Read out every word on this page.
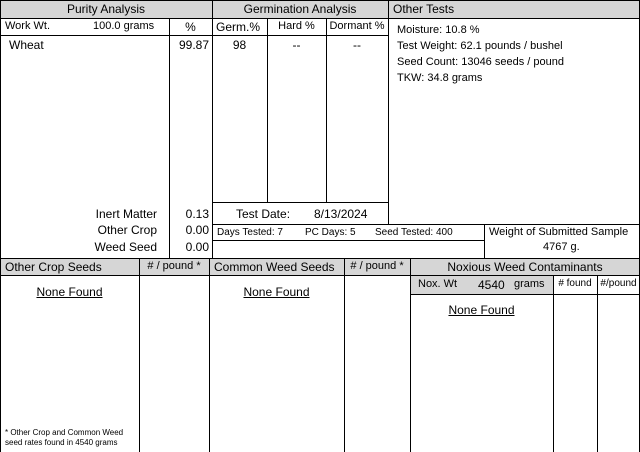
Purity Analysis
Work Wt.	100.0 grams	%
Wheat	99.87
Inert Matter	0.13
Other Crop	0.00
Weed Seed	0.00
Germination Analysis
Germ.%	Hard %	Dormant %
98	--	--
Test Date: 8/13/2024
Days Tested: 7 PC Days: 5 Seed Tested: 400
Other Tests
Moisture: 10.8 %
Test Weight: 62.1 pounds / bushel
Seed Count: 13046 seeds / pound
TKW: 34.8 grams
Weight of Submitted Sample
4767 g.
Other Crop Seeds	# / pound *
None Found
* Other Crop and Common Weed
seed rates found in 4540 grams
Common Weed Seeds	# / pound *
None Found
Noxious Weed Contaminants
Nox. Wt 4540 grams	# found #/pound
None Found
